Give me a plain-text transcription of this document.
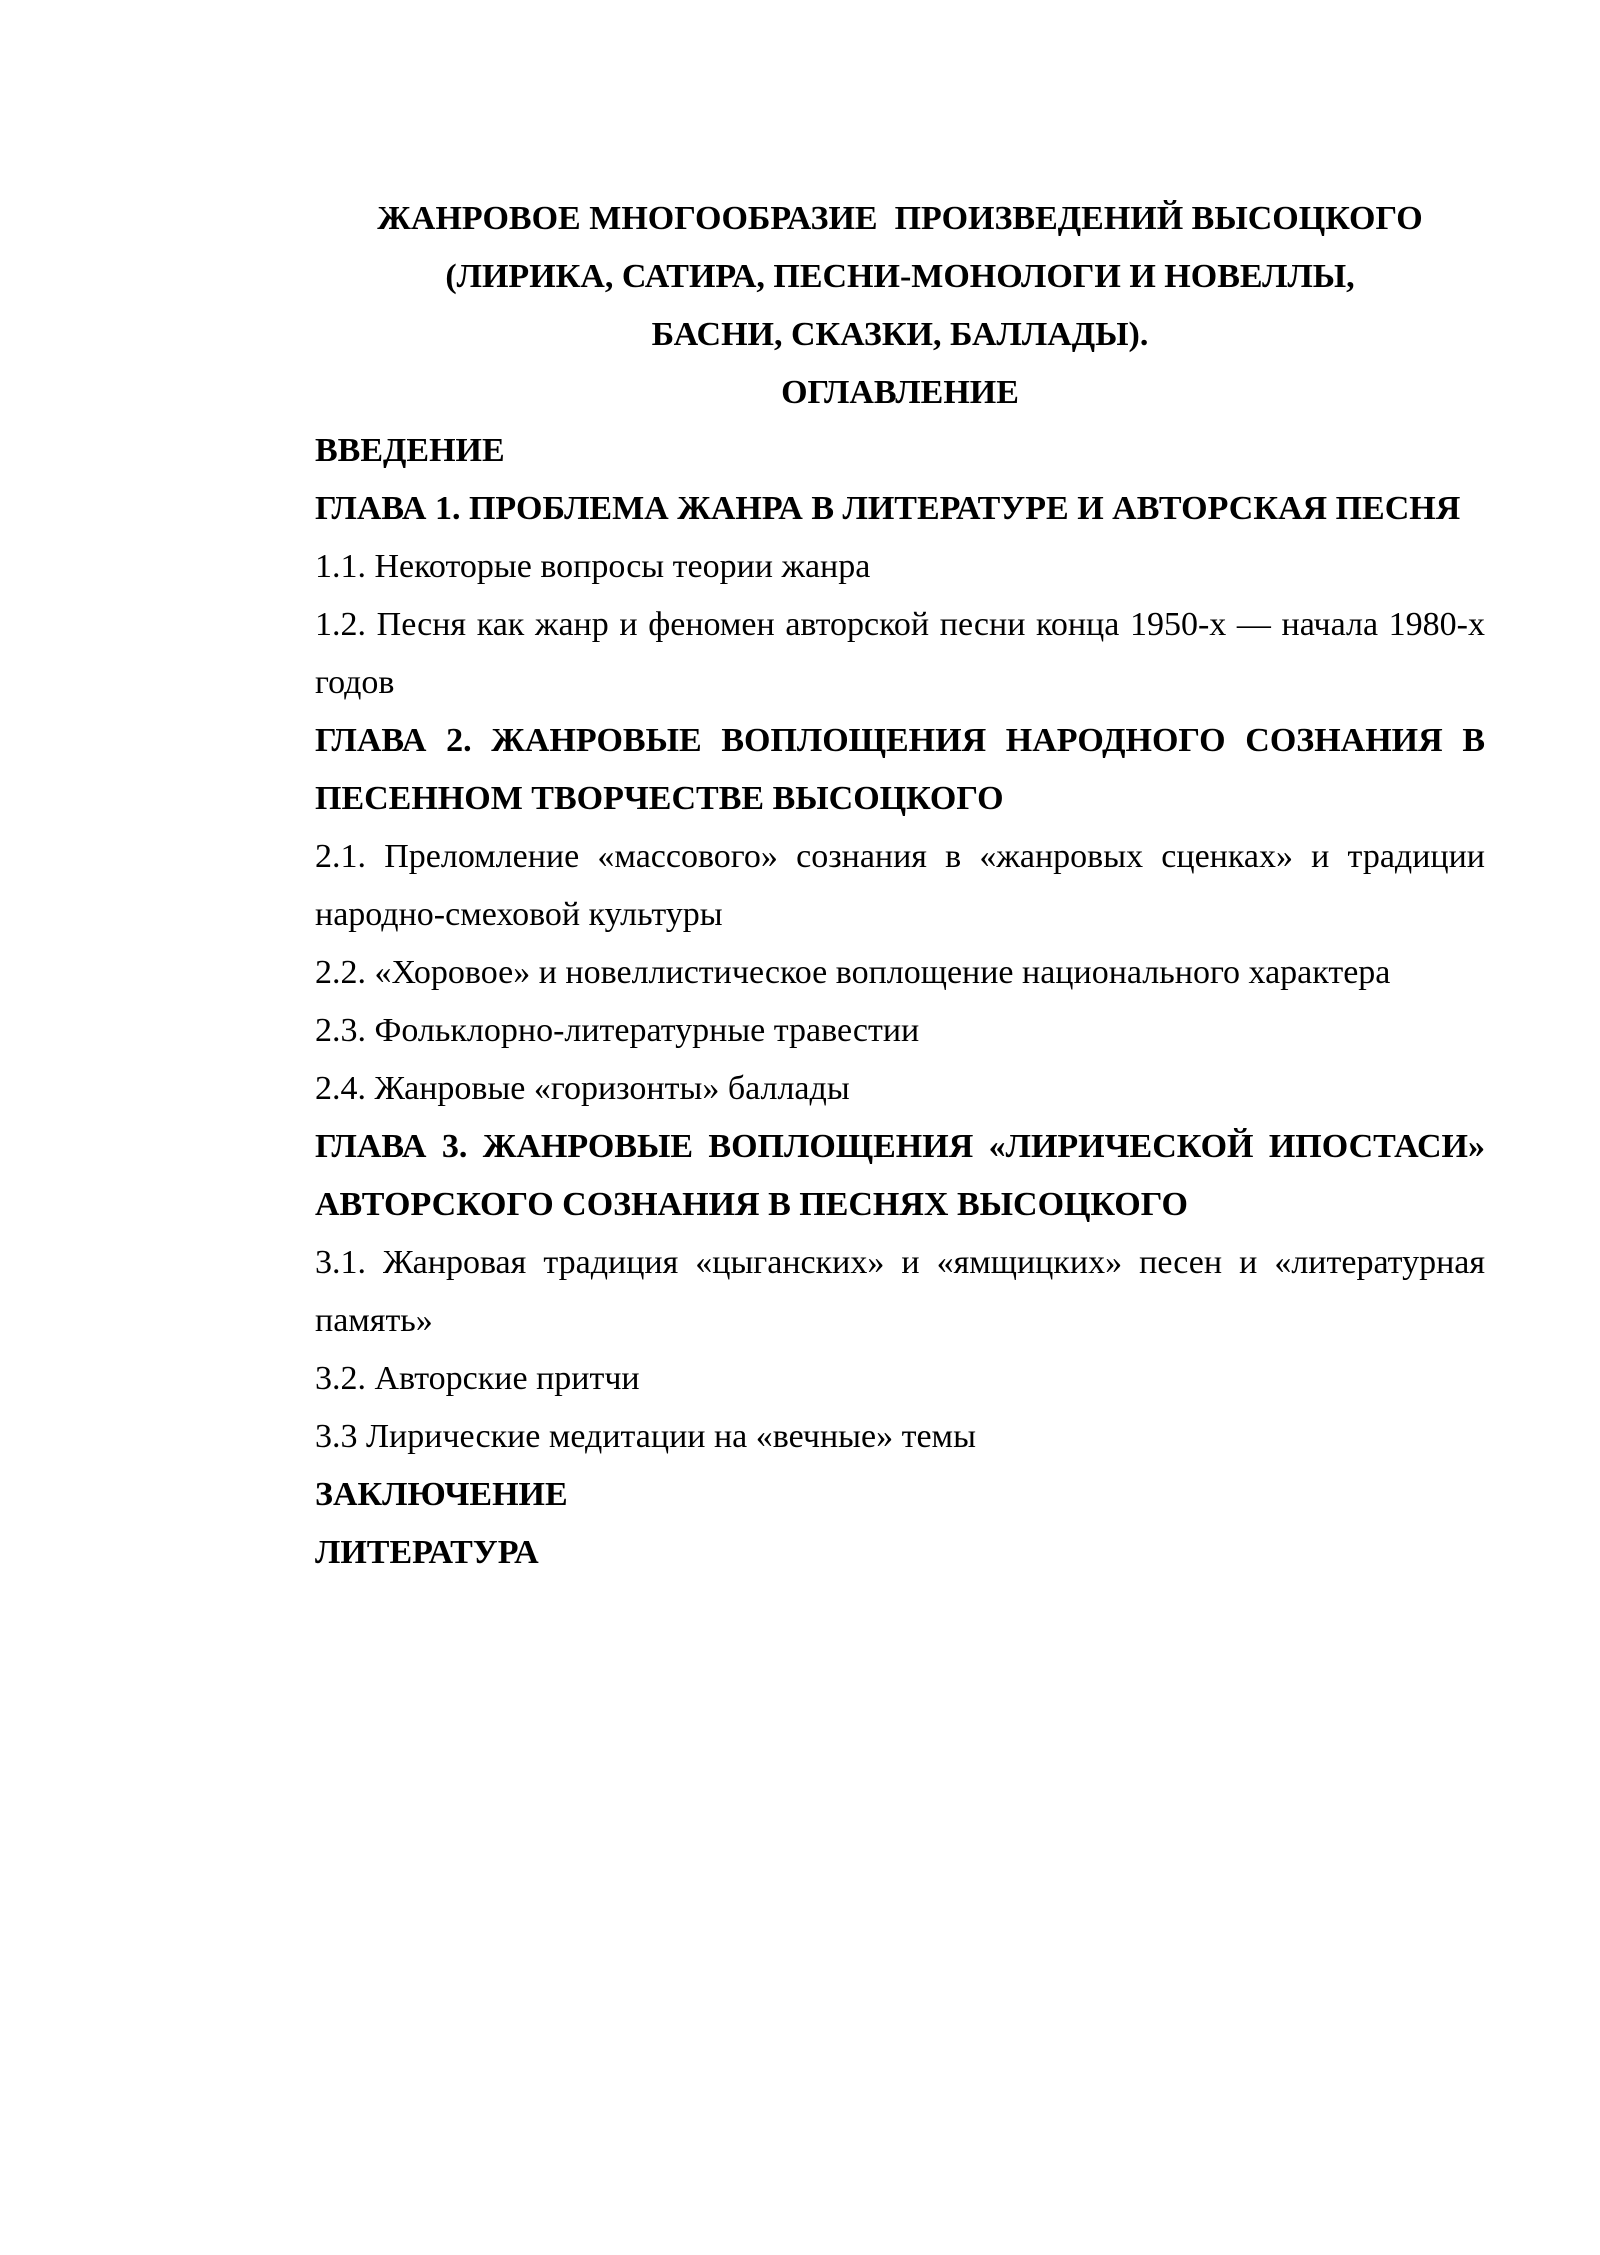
ЖАНРОВОЕ МНОГООБРАЗИЕ  ПРОИЗВЕДЕНИЙ ВЫСОЦКОГО
(ЛИРИКА, САТИРА, ПЕСНИ-МОНОЛОГИ И НОВЕЛЛЫ,
БАСНИ, СКАЗКИ, БАЛЛАДЫ).
ОГЛАВЛЕНИЕ
ВВЕДЕНИЕ
ГЛАВА 1. ПРОБЛЕМА ЖАНРА В ЛИТЕРАТУРЕ И АВТОРСКАЯ ПЕСНЯ
1.1. Некоторые вопросы теории жанра
1.2. Песня как жанр и феномен авторской песни конца 1950-х — начала 1980-х годов
ГЛАВА 2. ЖАНРОВЫЕ ВОПЛОЩЕНИЯ НАРОДНОГО СОЗНАНИЯ В ПЕСЕННОМ ТВОРЧЕСТВЕ ВЫСОЦКОГО
2.1. Преломление «массового» сознания в «жанровых сценках» и традиции народно-смеховой культуры
2.2. «Хоровое» и новеллистическое воплощение национального характера
2.3. Фольклорно-литературные травестии
2.4. Жанровые «горизонты» баллады
ГЛАВА 3. ЖАНРОВЫЕ ВОПЛОЩЕНИЯ «ЛИРИЧЕСКОЙ ИПОСТАСИ» АВТОРСКОГО СОЗНАНИЯ В ПЕСНЯХ ВЫСОЦКОГО
3.1. Жанровая традиция «цыганских» и «ямщицких» песен и «литературная память»
3.2. Авторские притчи
3.3 Лирические медитации на «вечные» темы
ЗАКЛЮЧЕНИЕ
ЛИТЕРАТУРА
